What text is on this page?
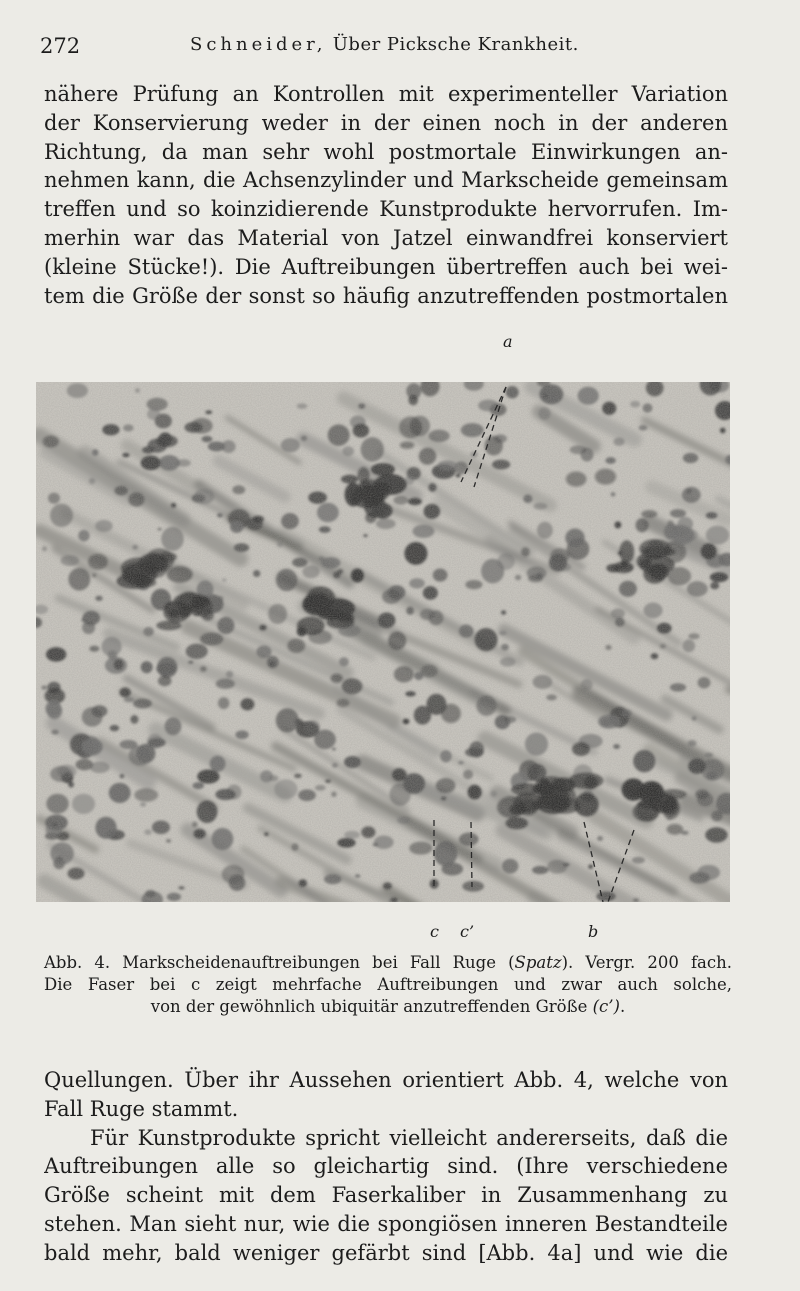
272	Schneider, Über Picksche Krankheit.
nähere Prüfung an Kontrollen mit experimenteller Variation
der Konservierung weder in der einen noch in der anderen
Richtung, da man sehr wohl postmortale Einwirkungen an-
nehmen kann, die Achsenzylinder und Markscheide gemeinsam
treffen und so koinzidierende Kunstprodukte hervorrufen. Im-
merhin war das Material von Jatzel einwandfrei konserviert
(kleine Stücke!). Die Auftreibungen übertreffen auch bei wei-
tem die Größe der sonst so häufig anzutreffenden postmortalen
a
c c’	b
Abb. 4. Markscheidenauftreibungen bei Fall Ruge (Spatz). Vergr. 200 fach.
Die Faser bei c zeigt mehrfache Auftreibungen und zwar auch solche,
von der gewöhnlich ubiquitär anzutreffenden Größe (c’).
Quellungen. Über ihr Aussehen orientiert Abb. 4, welche von
Fall Ruge stammt.
Für Kunstprodukte spricht vielleicht andererseits, daß die
Auftreibungen alle so gleichartig sind. (Ihre verschiedene
Größe scheint mit dem Faserkaliber in Zusammenhang zu
stehen. Man sieht nur, wie die spongiösen inneren Bestandteile
bald mehr, bald weniger gefärbt sind [Abb. 4a] und wie die
